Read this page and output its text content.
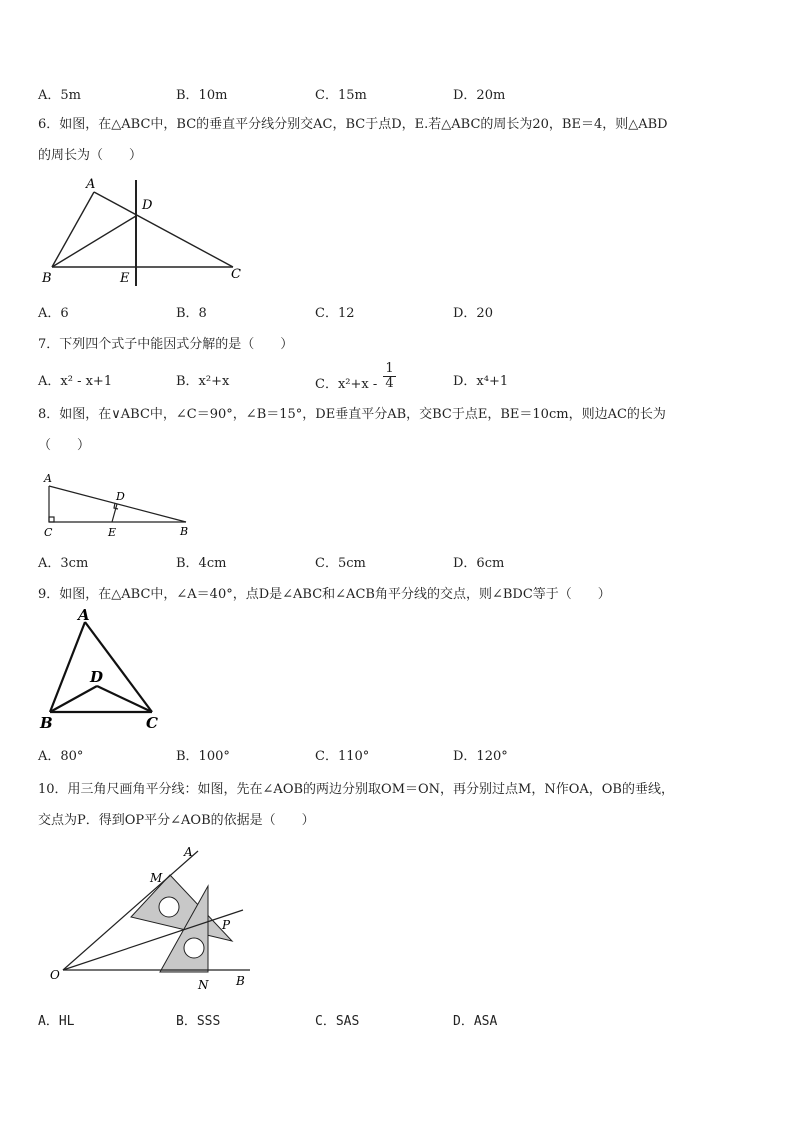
A．5m	B．10m	C．15m	D．20m
6．如图，在△ABC中，BC的垂直平分线分别交AC，BC于点D，E.若△ABC的周长为20，BE＝4，则△ABD
的周长为（　　）
A
D
B	E	C
A．6	B．8	C．12	D．20
7．下列四个式子中能因式分解的是（　　）
A．x² - x+1	B．x²+x	C．$x^2+x - \frac{1}{4}$	D．x⁴+1
8．如图，在∨ABC中，∠C＝90°，∠B＝15°，DE垂直平分AB，交BC于点E，BE＝10cm，则边AC的长为
（　　）
A
D
C	E	B
A．3cm	B．4cm	C．5cm	D．6cm
9．如图，在△ABC中，∠A＝40°，点D是∠ABC和∠ACB角平分线的交点，则∠BDC等于（　　）
A
D
B	C
A．80°	B．100°	C．110°	D．120°
10．用三角尺画角平分线：如图，先在∠AOB的两边分别取OM＝ON，再分别过点M，N作OA，OB的垂线，
交点为P．得到OP平分∠AOB的依据是（　　）
A
M
P
O
N B
A．HL	B．SSS	C．SAS	D．ASA
